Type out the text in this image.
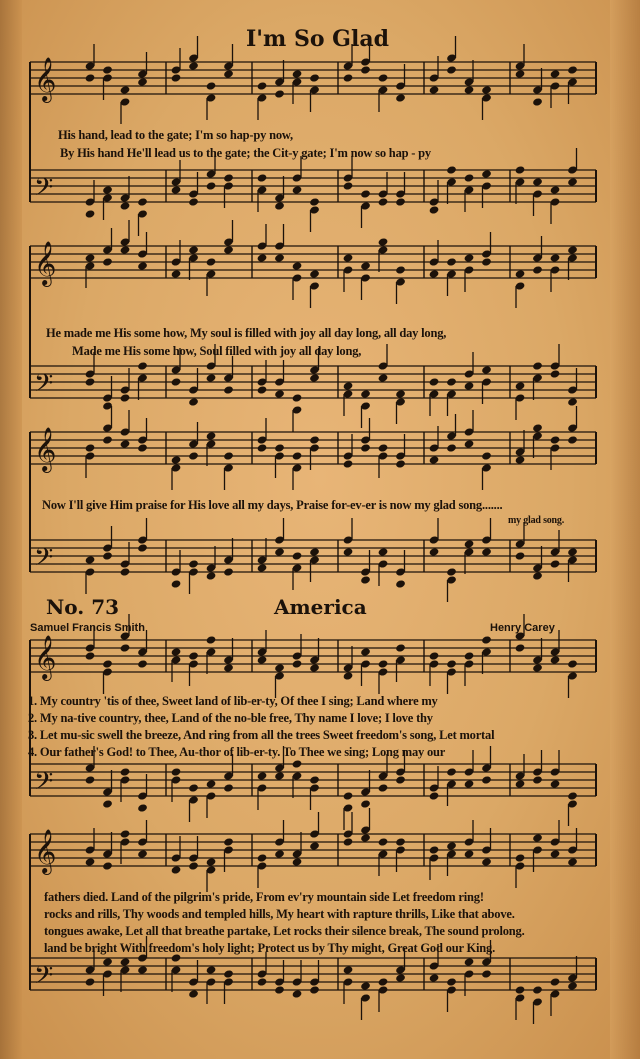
𝄞
𝄢
𝄞
𝄢
𝄞
𝄢
𝄞
𝄢
𝄞
𝄢
I'm So Glad
His hand, lead to the gate; I'm so hap-py now,
By His hand He'll lead us to the gate; the Cit-y gate; I'm now so hap - py
He made me His some how, My soul is filled with joy all day long, all day long,
Made me His some how, Soul filled with joy all day long,
Now I'll give Him praise for His love all my days, Praise for-ev-er is now my glad song.......
my glad song.
No. 73	America
Samuel Francis Smith	Henry Carey
1. My country 'tis of thee, Sweet land of lib-er-ty, Of thee I sing; Land where my
2. My na-tive country, thee, Land of the no-ble free, Thy name I love; I love thy
3. Let mu-sic swell the breeze, And ring from all the trees Sweet freedom's song, Let mortal
4. Our father's God! to Thee, Au-thor of lib-er-ty. To Thee we sing; Long may our
fathers died. Land of the pilgrim's pride, From ev'ry mountain side Let freedom ring!
rocks and rills, Thy woods and templed hills, My heart with rapture thrills, Like that above.
tongues awake, Let all that breathe partake, Let rocks their silence break, The sound prolong.
land be bright With freedom's holy light; Protect us by Thy might, Great God our King.
